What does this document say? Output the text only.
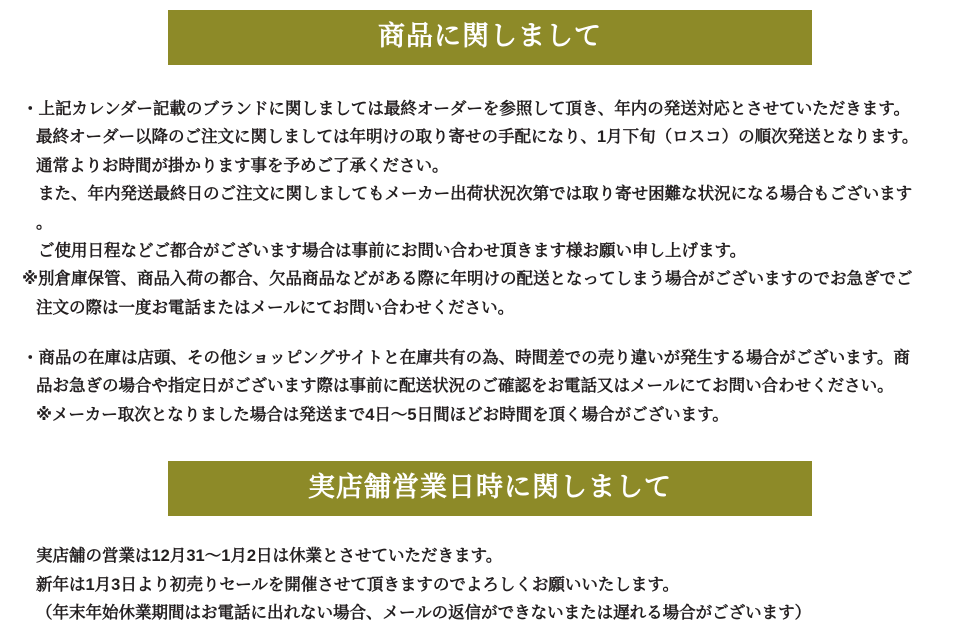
商品に関しまして
・上記カレンダー記載のブランドに関しましては最終オーダーを参照して頂き、年内の発送対応とさせていただきます。
最終オーダー以降のご注文に関しましては年明けの取り寄せの手配になり、1月下旬（ロスコ）の順次発送となります。
通常よりお時間が掛かります事を予めご了承ください。
また、年内発送最終日のご注文に関しましてもメーカー出荷状況次第では取り寄せ困難な状況になる場合もございます
。
ご使用日程などご都合がございます場合は事前にお問い合わせ頂きます様お願い申し上げます。
※別倉庫保管、商品入荷の都合、欠品商品などがある際に年明けの配送となってしまう場合がございますのでお急ぎでご
注文の際は一度お電話またはメールにてお問い合わせください。
・商品の在庫は店頭、その他ショッピングサイトと在庫共有の為、時間差での売り違いが発生する場合がございます。商
品お急ぎの場合や指定日がございます際は事前に配送状況のご確認をお電話又はメールにてお問い合わせください。
※メーカー取次となりました場合は発送まで4日〜5日間ほどお時間を頂く場合がございます。
実店舗営業日時に関しまして
実店舗の営業は12月31〜1月2日は休業とさせていただきます。
新年は1月3日より初売りセールを開催させて頂きますのでよろしくお願いいたします。
（年末年始休業期間はお電話に出れない場合、メールの返信ができないまたは遅れる場合がございます）
